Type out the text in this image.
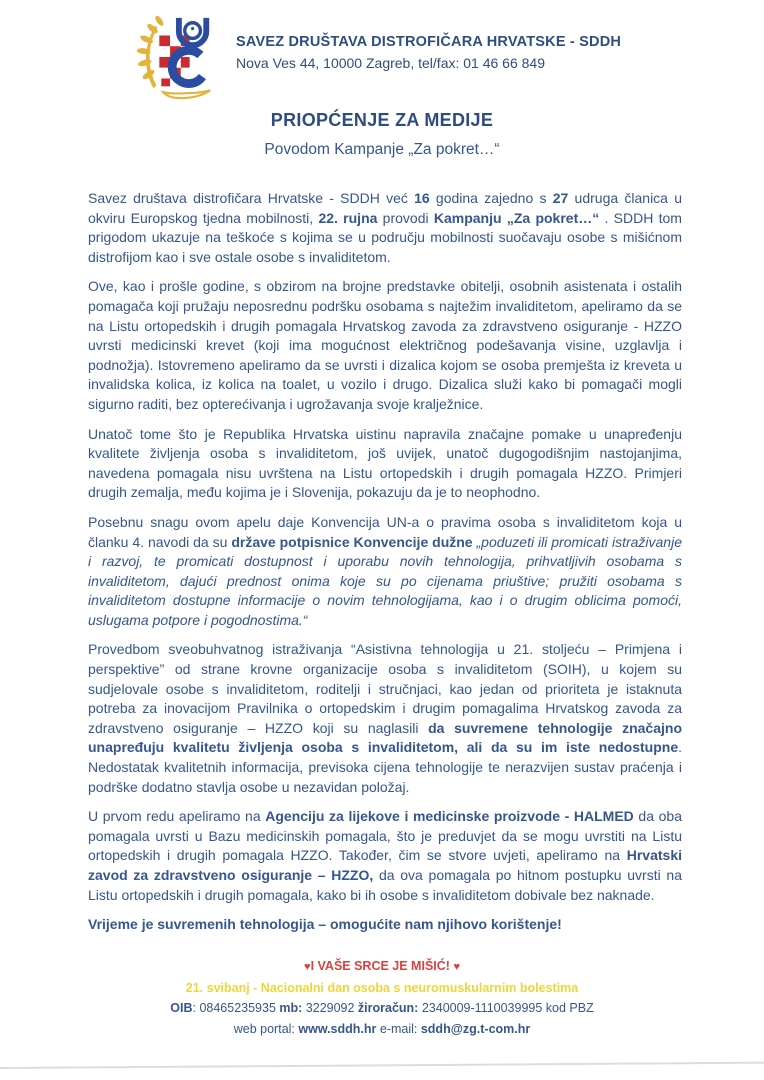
SAVEZ DRUŠTAVA DISTROFIČARA HRVATSKE - SDDH
Nova Ves 44, 10000 Zagreb, tel/fax: 01 46 66 849
PRIOPĆENJE ZA MEDIJE
Povodom Kampanje „Za pokret…“

Savez društava distrofičara Hrvatske - SDDH već 16 godina zajedno s 27 udruga članica u okviru Europskog tjedna mobilnosti, 22. rujna provodi Kampanju „Za pokret…“ . SDDH tom prigodom ukazuje na teškoće s kojima se u području mobilnosti suočavaju osobe s mišićnom distrofijom kao i sve ostale osobe s invaliditetom.

Ove, kao i prošle godine, s obzirom na brojne predstavke obitelji, osobnih asistenata i ostalih pomagača koji pružaju neposrednu podršku osobama s najtežim invaliditetom, apeliramo da se na Listu ortopedskih i drugih pomagala Hrvatskog zavoda za zdravstveno osiguranje - HZZO uvrsti medicinski krevet (koji ima mogućnost električnog podešavanja visine, uzglavlja i podnožja). Istovremeno apeliramo da se uvrsti i dizalica kojom se osoba premješta iz kreveta u invalidska kolica, iz kolica na toalet, u vozilo i drugo. Dizalica služi kako bi pomagači mogli sigurno raditi, bez opterećivanja i ugrožavanja svoje kralježnice.

Unatoč tome što je Republika Hrvatska uistinu napravila značajne pomake u unapređenju kvalitete življenja osoba s invaliditetom, još uvijek, unatoč dugogodišnjim nastojanjima, navedena pomagala nisu uvrštena na Listu ortopedskih i drugih pomagala HZZO. Primjeri drugih zemalja, među kojima je i Slovenija, pokazuju da je to neophodno.

Posebnu snagu ovom apelu daje Konvencija UN-a o pravima osoba s invaliditetom koja u članku 4. navodi da su države potpisnice Konvencije dužne „poduzeti ili promicati istraživanje i razvoj, te promicati dostupnost i uporabu novih tehnologija, prihvatljivih osobama s invaliditetom, dajući prednost onima koje su po cijenama priuštive; pružiti osobama s invaliditetom dostupne informacije o novim tehnologijama, kao i o drugim oblicima pomoći, uslugama potpore i pogodnostima.“

Provedbom sveobuhvatnog istraživanja “Asistivna tehnologija u 21. stoljeću – Primjena i perspektive” od strane krovne organizacije osoba s invaliditetom (SOIH), u kojem su sudjelovale osobe s invaliditetom, roditelji i stručnjaci, kao jedan od prioriteta je istaknuta potreba za inovacijom Pravilnika o ortopedskim i drugim pomagalima Hrvatskog zavoda za zdravstveno osiguranje – HZZO koji su naglasili da suvremene tehnologije značajno unapređuju kvalitetu življenja osoba s invaliditetom, ali da su im iste nedostupne. Nedostatak kvalitetnih informacija, previsoka cijena tehnologije te nerazvijen sustav praćenja i podrške dodatno stavlja osobe u nezavidan položaj.

U prvom redu apeliramo na Agenciju za lijekove i medicinske proizvode - HALMED da oba pomagala uvrsti u Bazu medicinskih pomagala, što je preduvjet da se mogu uvrstiti na Listu ortopedskih i drugih pomagala HZZO. Također, čim se stvore uvjeti, apeliramo na Hrvatski zavod za zdravstveno osiguranje – HZZO, da ova pomagala po hitnom postupku uvrsti na Listu ortopedskih i drugih pomagala, kako bi ih osobe s invaliditetom dobivale bez naknade.

Vrijeme je suvremenih tehnologija – omogućite nam njihovo korištenje!

♥I VAŠE SRCE JE MIŠIĆ! ♥
21. svibanj - Nacionalni dan osoba s neuromuskularnim bolestima
OIB: 08465235935 mb: 3229092 žiroračun: 2340009-1110039995 kod PBZ
web portal: www.sddh.hr e-mail: sddh@zg.t-com.hr
